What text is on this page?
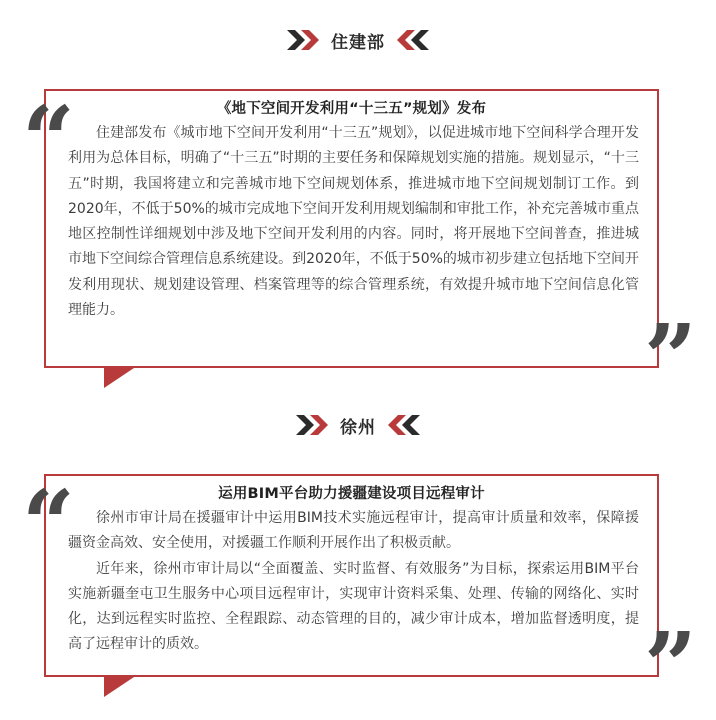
住建部
《地下空间开发利用“十三五”规划》发布

住建部发布《城市地下空间开发利用“十三五”规划》，以促进城市地下空间科学合理开发利用为总体目标，明确了“十三五”时期的主要任务和保障规划实施的措施。规划显示，“十三五”时期，我国将建立和完善城市地下空间规划体系，推进城市地下空间规划制订工作。到2020年，不低于50%的城市完成地下空间开发利用规划编制和审批工作，补充完善城市重点地区控制性详细规划中涉及地下空间开发利用的内容。同时，将开展地下空间普查，推进城市地下空间综合管理信息系统建设。到2020年，不低于50%的城市初步建立包括地下空间开发利用现状、规划建设管理、档案管理等的综合管理系统，有效提升城市地下空间信息化管理能力。

“
”
徐州
运用BIM平台助力援疆建设项目远程审计

徐州市审计局在援疆审计中运用BIM技术实施远程审计，提高审计质量和效率，保障援疆资金高效、安全使用，对援疆工作顺利开展作出了积极贡献。

近年来，徐州市审计局以“全面覆盖、实时监督、有效服务”为目标，探索运用BIM平台实施新疆奎屯卫生服务中心项目远程审计，实现审计资料采集、处理、传输的网络化、实时化，达到远程实时监控、全程跟踪、动态管理的目的，减少审计成本，增加监督透明度，提高了远程审计的质效。

“
”
